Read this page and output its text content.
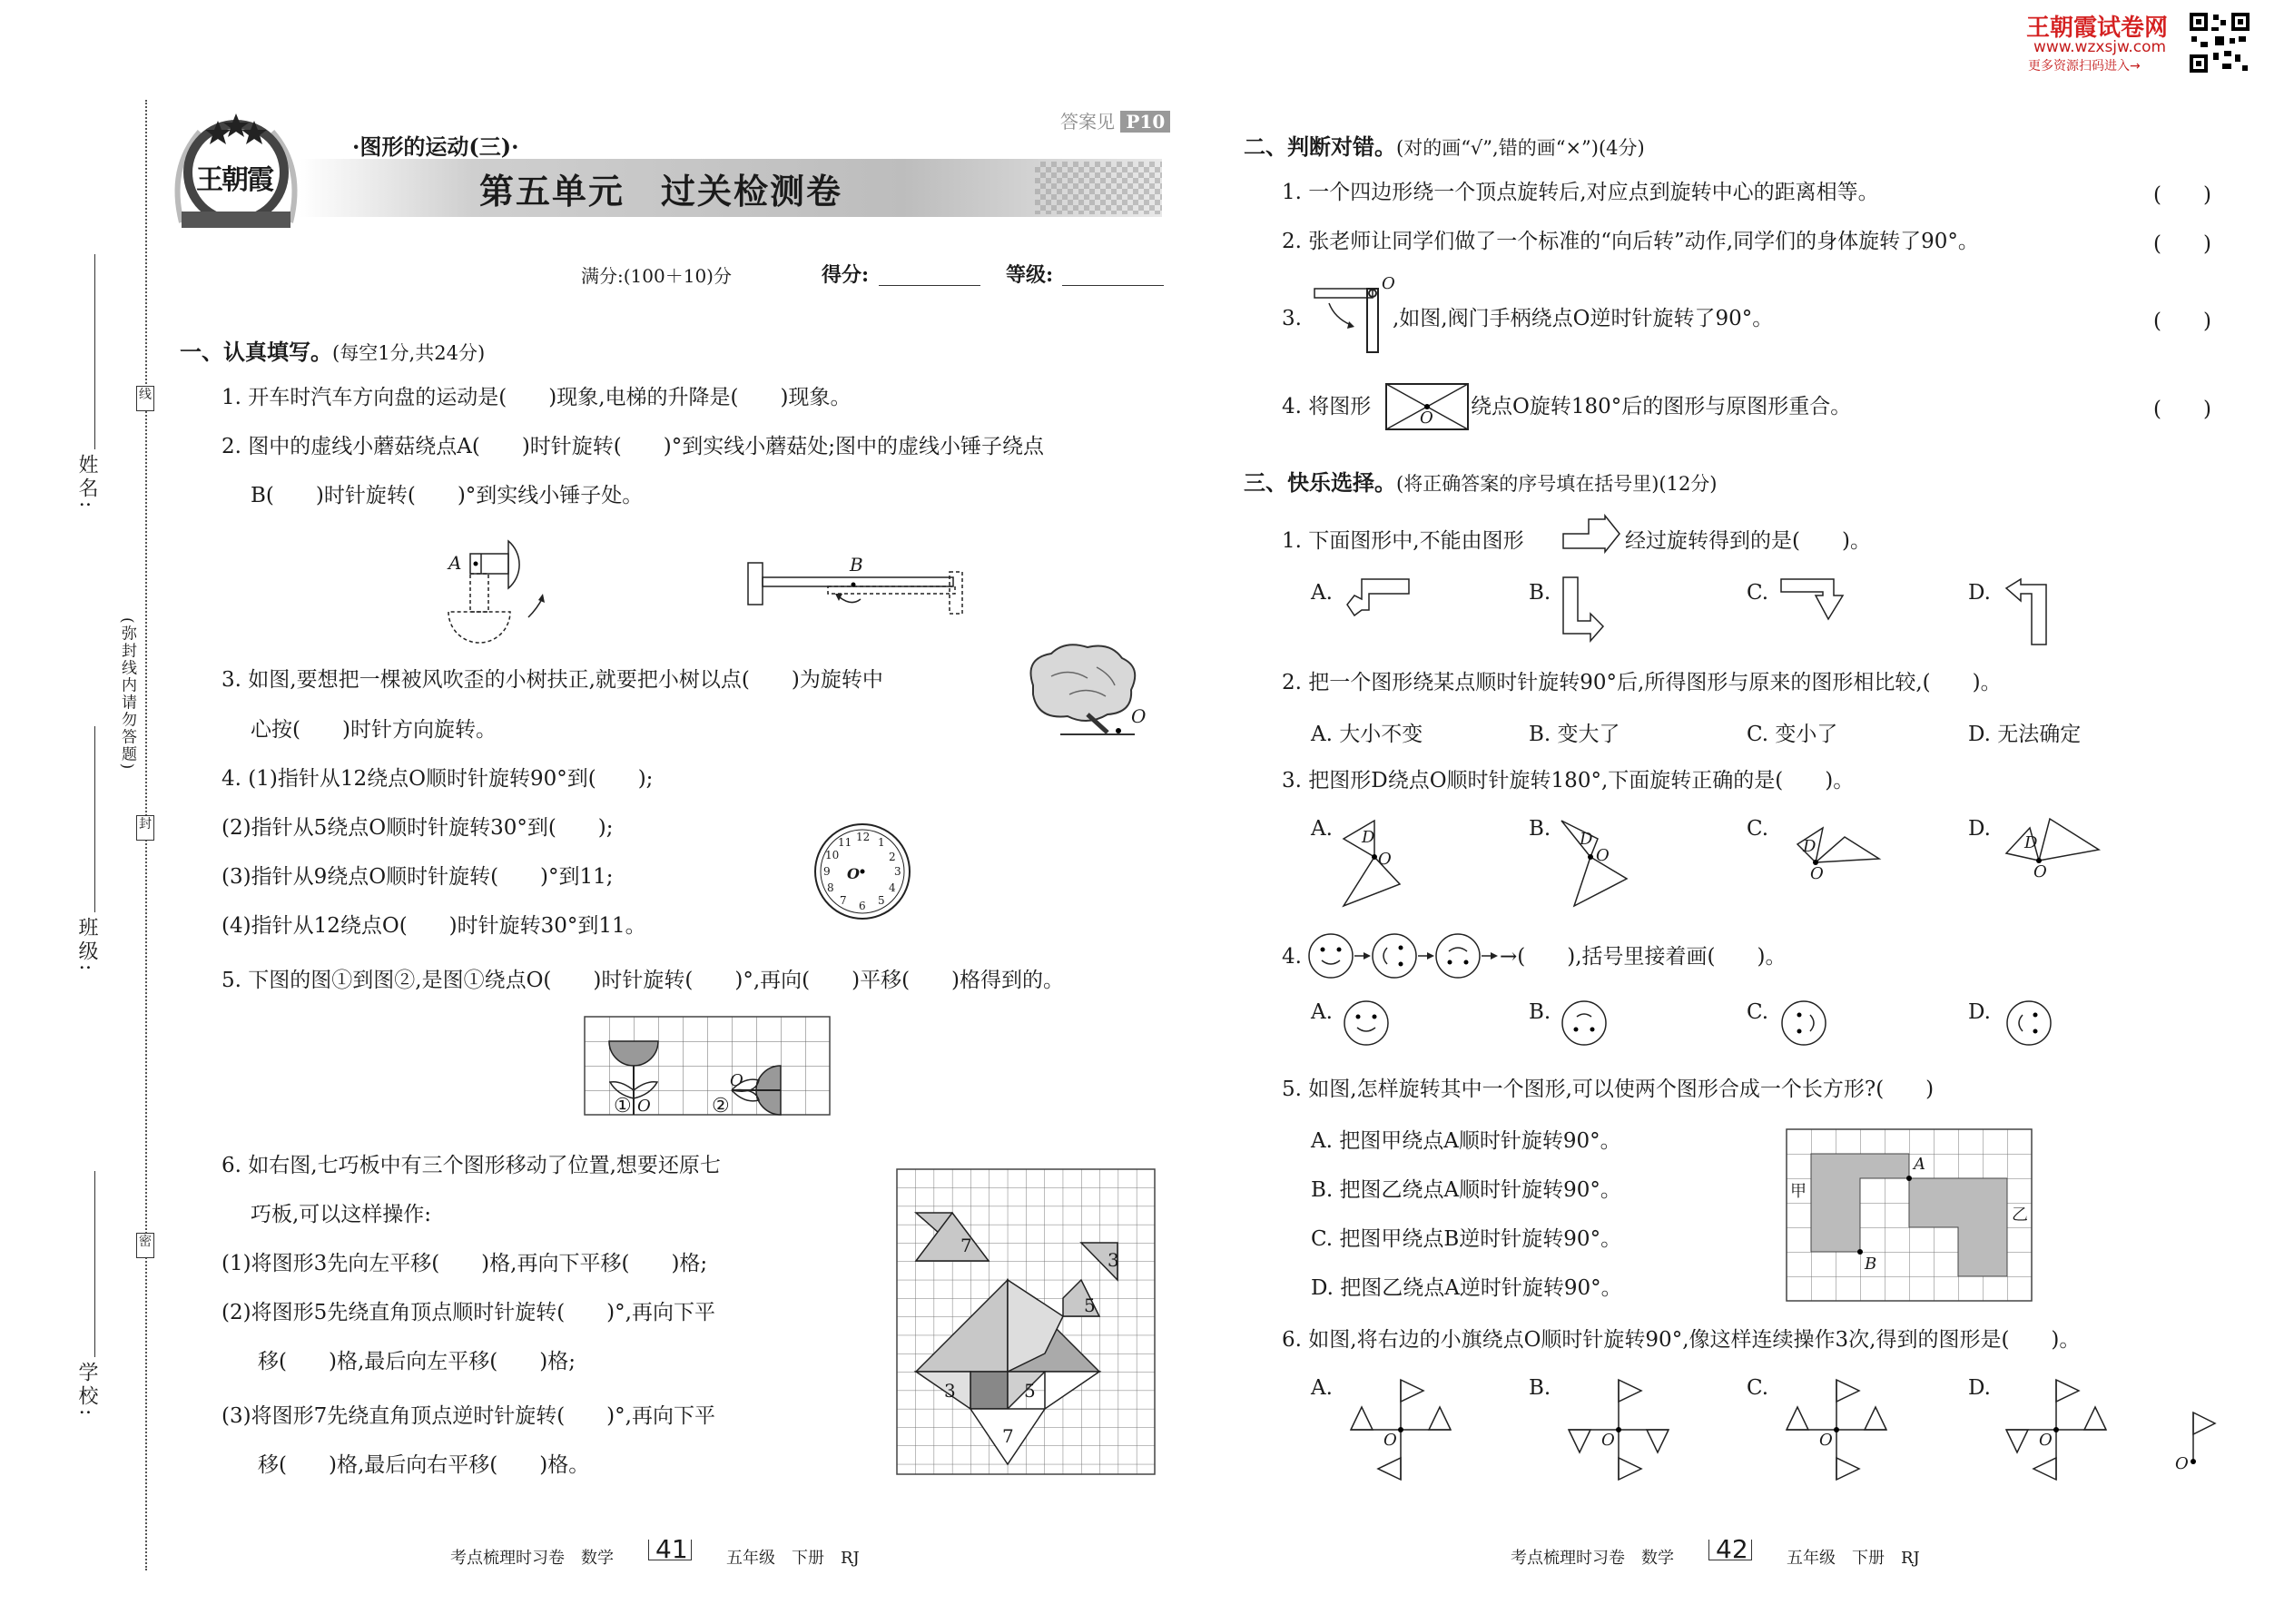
王朝霞试卷网
www.wzxsjw.com
更多资源扫码进入→
姓名:
班级:
学校:
(弥封线内请勿答题)
线
封
密
王朝霞
答案见 P10
·图形的运动(三)·
第五单元　过关检测卷
满分:(100＋10)分	得分:	等级:
一、认真填写。(每空1分,共24分)
1. 开车时汽车方向盘的运动是(　　)现象,电梯的升降是(　　)现象。
2. 图中的虚线小蘑菇绕点A(　　)时针旋转(　　)°到实线小蘑菇处;图中的虚线小锤子绕点
B(　　)时针旋转(　　)°到实线小锤子处。
A	B
3. 如图,要想把一棵被风吹歪的小树扶正,就要把小树以点(　　)为旋转中
心按(　　)时针方向旋转。
O
4. (1)指针从12绕点O顺时针旋转90°到(　　);
(2)指针从5绕点O顺时针旋转30°到(　　);
(3)指针从9绕点O顺时针旋转(　　)°到11;
(4)指针从12绕点O(　　)时针旋转30°到11。
12 1
2
3
4
5
6
7
8
9
10
11
O
5. 下图的图①到图②,是图①绕点O(　　)时针旋转(　　)°,再向(　　)平移(　　)格得到的。
① O	②
O
6. 如右图,七巧板中有三个图形移动了位置,想要还原七
巧板,可以这样操作:
(1)将图形3先向左平移(　　)格,再向下平移(　　)格;
(2)将图形5先绕直角顶点顺时针旋转(　　)°,再向下平
移(　　)格,最后向左平移(　　)格;
(3)将图形7先绕直角顶点逆时针旋转(　　)°,再向下平
移(　　)格,最后向右平移(　　)格。
7
3
5
3	5
7
考点梳理时习卷　数学 41 五年级　下册　RJ
二、判断对错。(对的画“√”,错的画“×”)(4分)
1. 一个四边形绕一个顶点旋转后,对应点到旋转中心的距离相等。	(　　)
2. 张老师让同学们做了一个标准的“向后转”动作,同学们的身体旋转了90°。	(　　)
3.
O
,如图,阀门手柄绕点O逆时针旋转了90°。	(　　)
4. 将图形	O 绕点O旋转180°后的图形与原图形重合。	(　　)
三、快乐选择。(将正确答案的序号填在括号里)(12分)
1. 下面图形中,不能由图形	经过旋转得到的是(　　)。
A.	B.	C.	D.
2. 把一个图形绕某点顺时针旋转90°后,所得图形与原来的图形相比较,(　　)。
A. 大小不变	B. 变大了	C. 变小了	D. 无法确定
3. 把图形D绕点O顺时针旋转180°,下面旋转正确的是(　　)。
A. D
O
B. D
O
C.
D
O
D.
D
O
4.	→(　　),括号里接着画(　　)。
A.	B.	C.	D.
5. 如图,怎样旋转其中一个图形,可以使两个图形合成一个长方形?(　　)
A. 把图甲绕点A顺时针旋转90°。
B. 把图乙绕点A顺时针旋转90°。
C. 把图甲绕点B逆时针旋转90°。
D. 把图乙绕点A逆时针旋转90°。
甲
乙
A
B
6. 如图,将右边的小旗绕点O顺时针旋转90°,像这样连续操作3次,得到的图形是(　　)。
A.
O
B.
O
C.
O
D.
O
O
考点梳理时习卷　数学 42 五年级　下册　RJ
